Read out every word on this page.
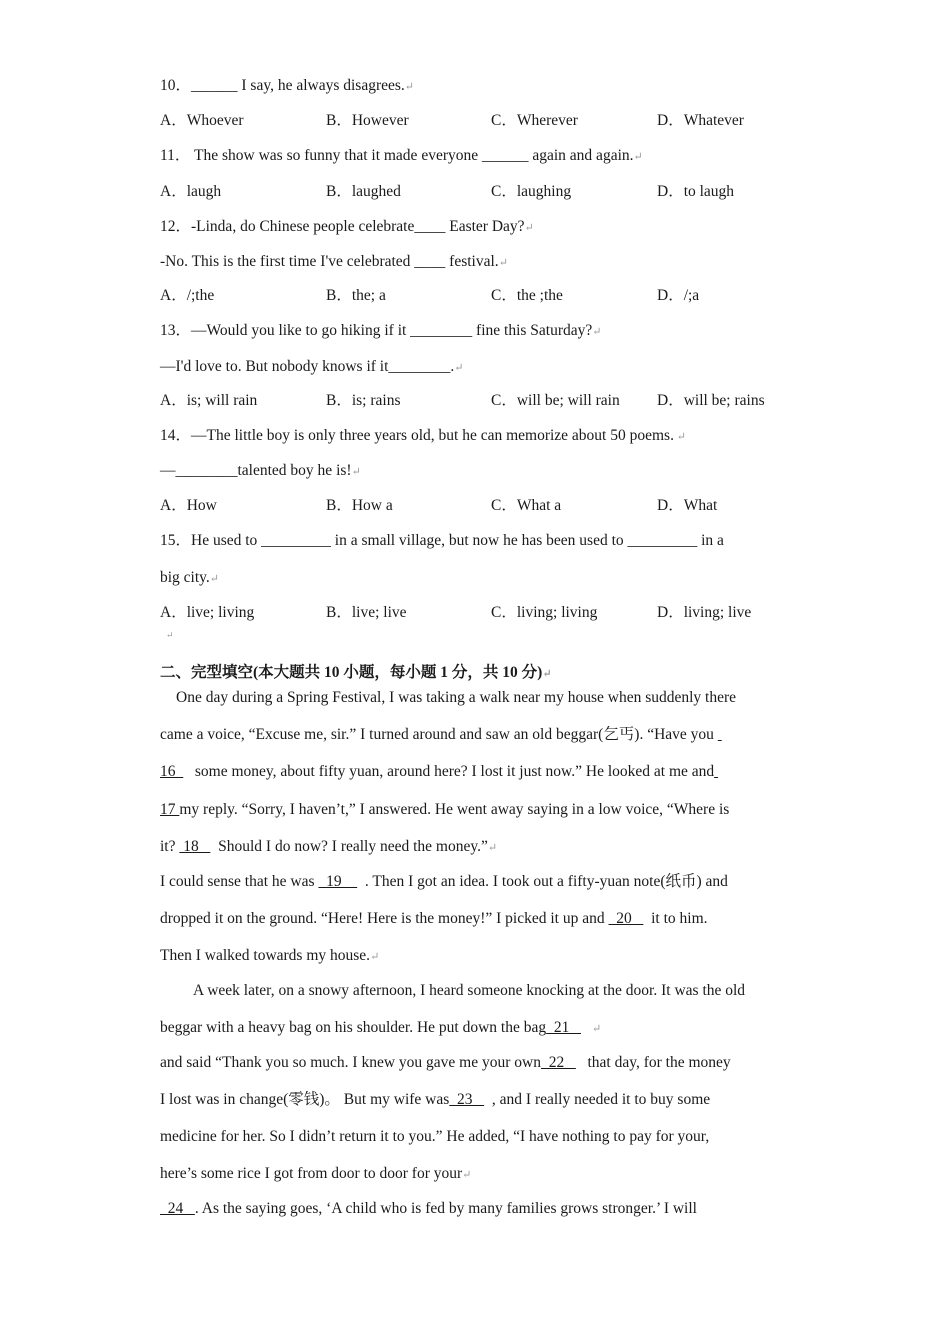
10．______ I say, he always disagrees.↵
A．Whoever	B．However	C．Wherever	D．Whatever
11． The show was so funny that it made everyone ______ again and again.↵
A．laugh	B．laughed	C．laughing	D．to laugh
12．-Linda, do Chinese people celebrate____ Easter Day?↵
-No. This is the first time I've celebrated ____ festival.↵
A．/;the	B．the; a	C．the ;the	D．/;a
13．—Would you like to go hiking if it ________ fine this Saturday?↵
—I'd love to. But nobody knows if it________.↵
A．is; will rain	B．is; rains	C．will be; will rain D．will be; rains
14．—The little boy is only three years old, but he can memorize about 50 poems. ↵
—________talented boy he is!↵
A．How	B．How a	C．What a	D．What
15．He used to _________ in a small village, but now he has been used to _________ in a
big city.↵
A．live; living	B．live; live	C．living; living	D．living; live
↵
二、完型填空(本大题共 10 小题，每小题 1 分，共 10 分)↵
One day during a Spring Festival, I was taking a walk near my house when suddenly there
came a voice, “Excuse me, sir.” I turned around and saw an old beggar(乞丐). “Have you
16     some money, about fifty yuan, around here? I lost it just now.” He looked at me and
17 my reply. “Sorry, I haven’t,” I answered. He went away saying in a low voice, “Where is
it?  18     Should I do now? I really need the money.”↵
I could sense that he was   19      . Then I got an idea. I took out a fifty-yuan note(纸币) and
dropped it on the ground. “Here! Here is the money!” I picked it up and   20     it to him.
Then I walked towards my house.↵
A week later, on a snowy afternoon, I heard someone knocking at the door. It was the old
beggar with a heavy bag on his shoulder. He put down the bag  21       ↵
and said “Thank you so much. I knew you gave me your own  22      that day, for the money
I lost was in change(零钱)。 But my wife was  23     , and I really needed it to buy some
medicine for her. So I didn’t return it to you.” He added, “I have nothing to pay for your,
here’s some rice I got from door to door for your↵
24   . As the saying goes, ‘A child who is fed by many families grows stronger.’ I will
